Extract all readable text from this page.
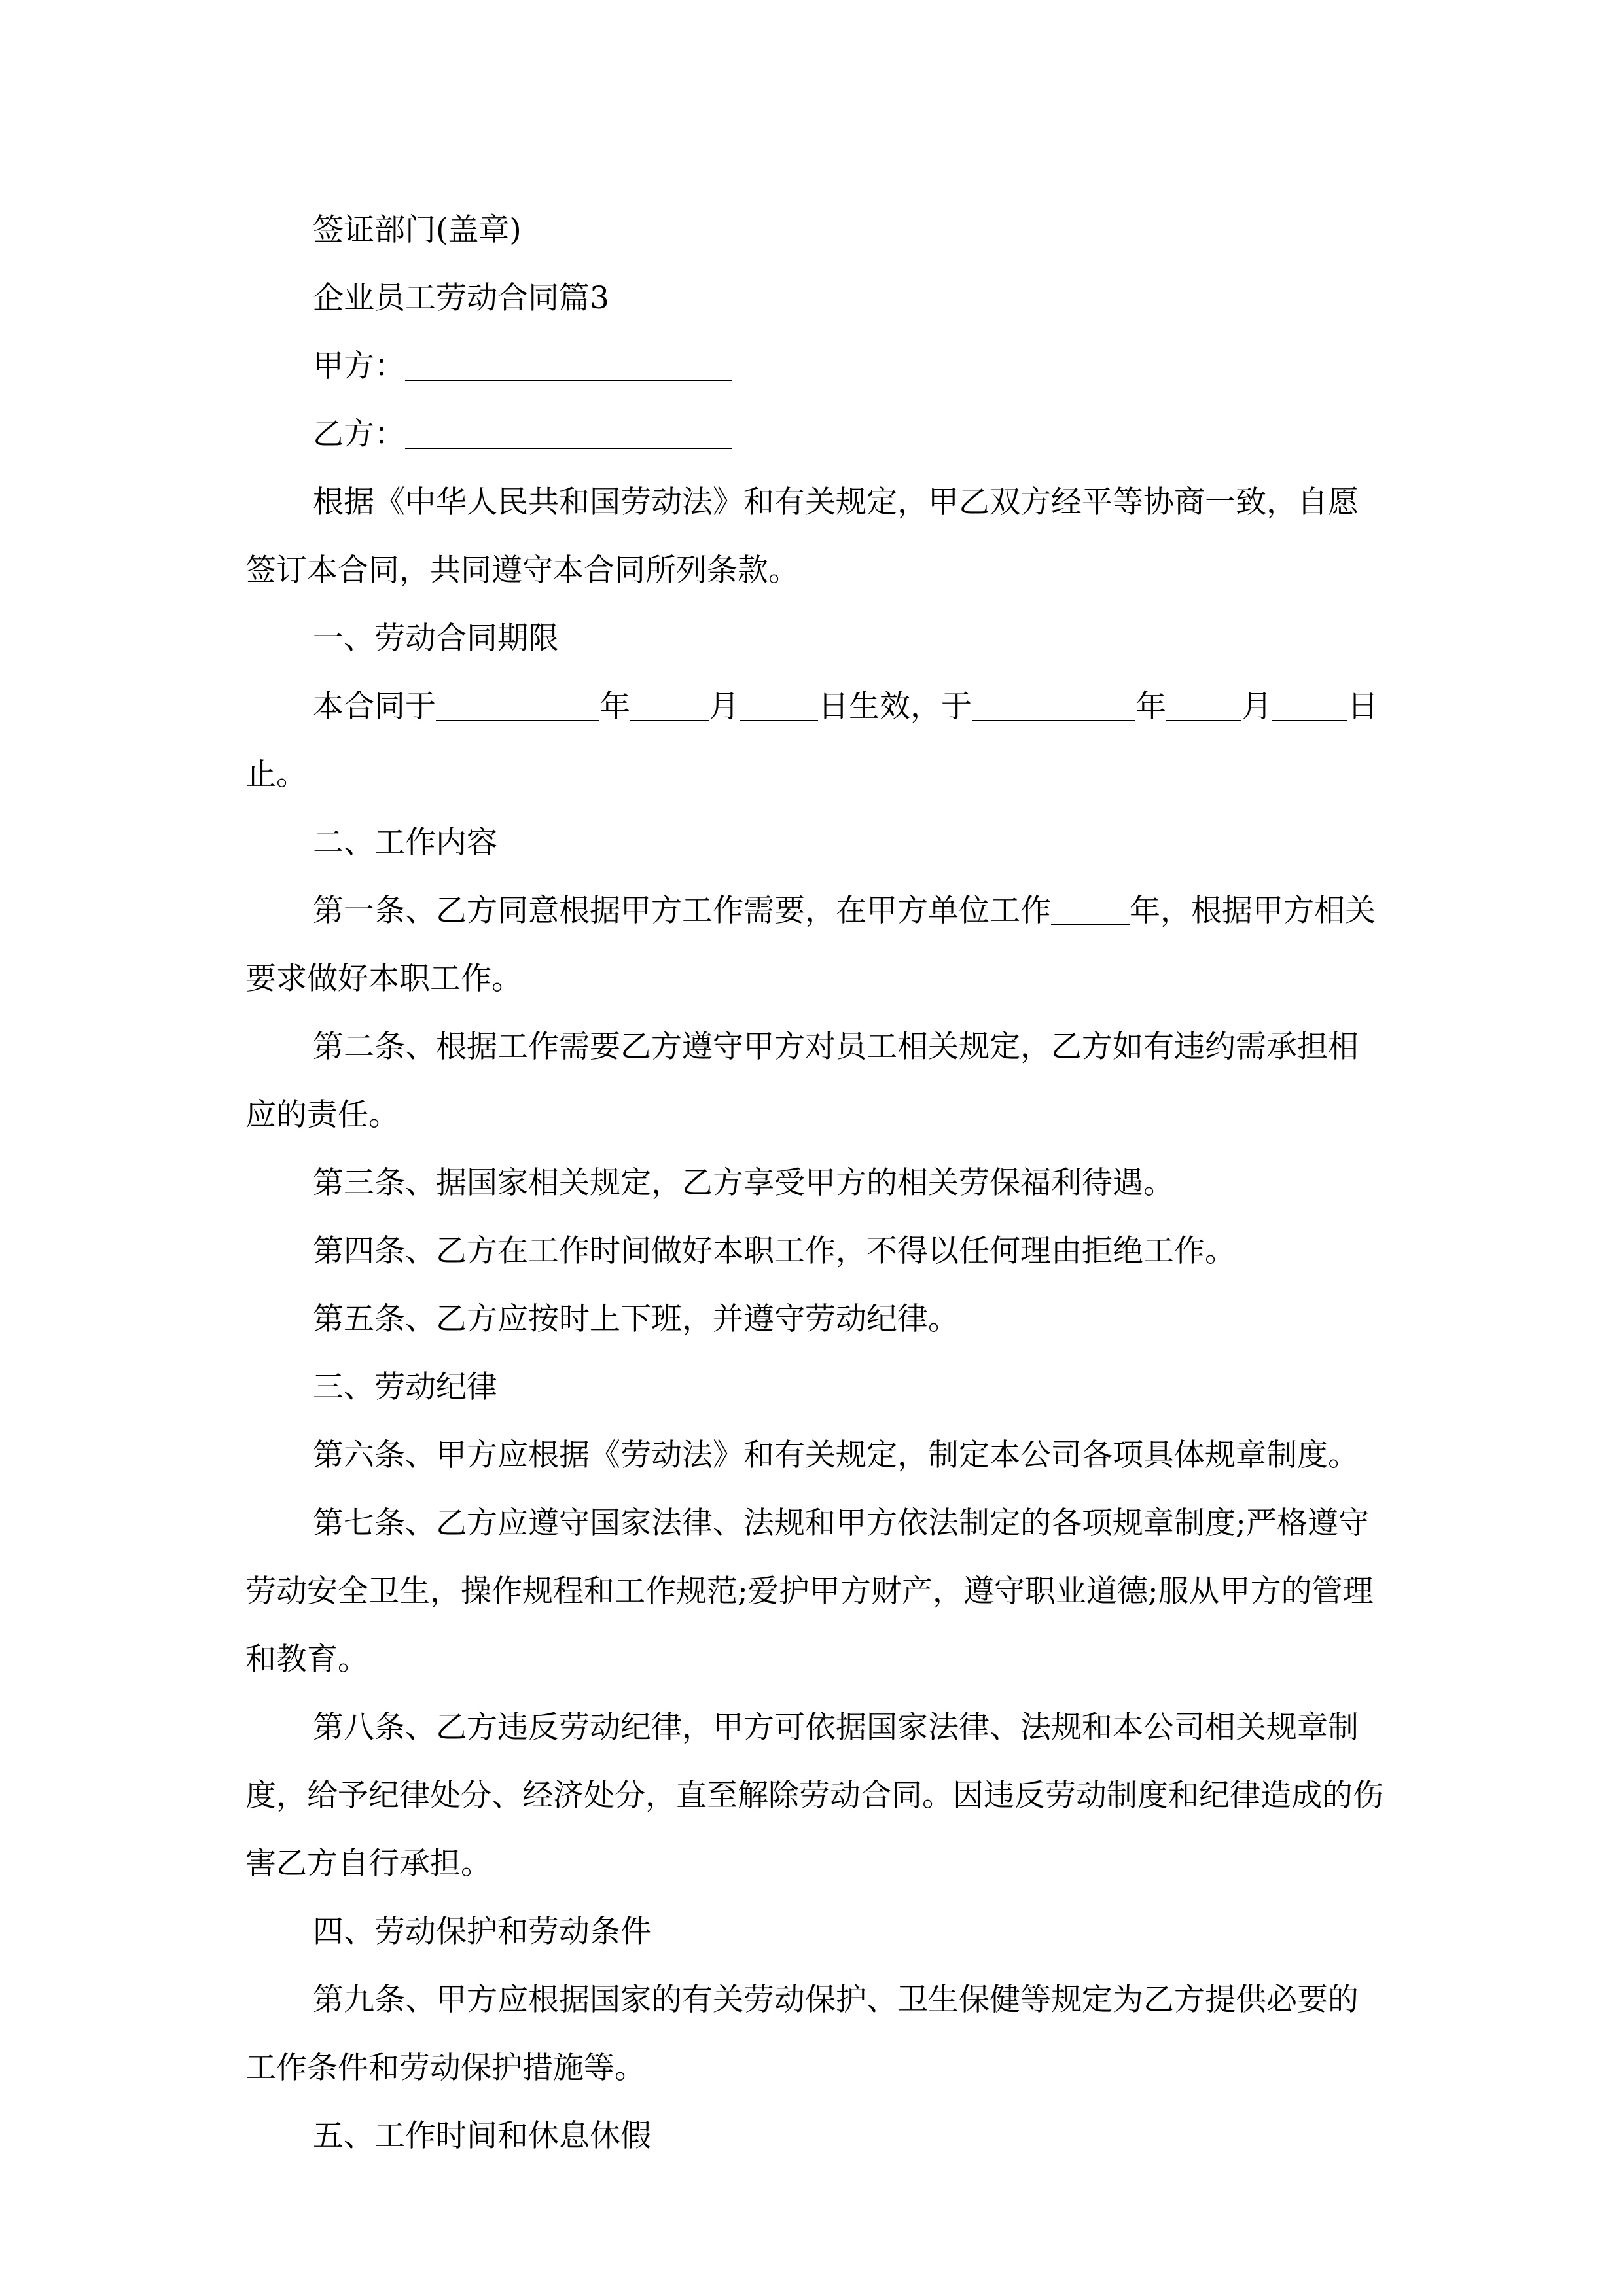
签证部门(盖章)

企业员工劳动合同篇3

甲方：

乙方：

根据《中华人民共和国劳动法》和有关规定，甲乙双方经平等协商一致，自愿签订本合同，共同遵守本合同所列条款。

一、劳动合同期限

本合同于	年	月	日生效，于	年 月 日止。

二、工作内容

第一条、乙方同意根据甲方工作需要，在甲方单位工作	年，根据甲方相关要求做好本职工作。

第二条、根据工作需要乙方遵守甲方对员工相关规定，乙方如有违约需承担相应的责任。

第三条、据国家相关规定，乙方享受甲方的相关劳保福利待遇。

第四条、乙方在工作时间做好本职工作，不得以任何理由拒绝工作。

第五条、乙方应按时上下班，并遵守劳动纪律。

三、劳动纪律

第六条、甲方应根据《劳动法》和有关规定，制定本公司各项具体规章制度。

第七条、乙方应遵守国家法律、法规和甲方依法制定的各项规章制度;严格遵守劳动安全卫生，操作规程和工作规范;爱护甲方财产，遵守职业道德;服从甲方的管理和教育。

第八条、乙方违反劳动纪律，甲方可依据国家法律、法规和本公司相关规章制度，给予纪律处分、经济处分，直至解除劳动合同。因违反劳动制度和纪律造成的伤害乙方自行承担。

四、劳动保护和劳动条件

第九条、甲方应根据国家的有关劳动保护、卫生保健等规定为乙方提供必要的工作条件和劳动保护措施等。

五、工作时间和休息休假
